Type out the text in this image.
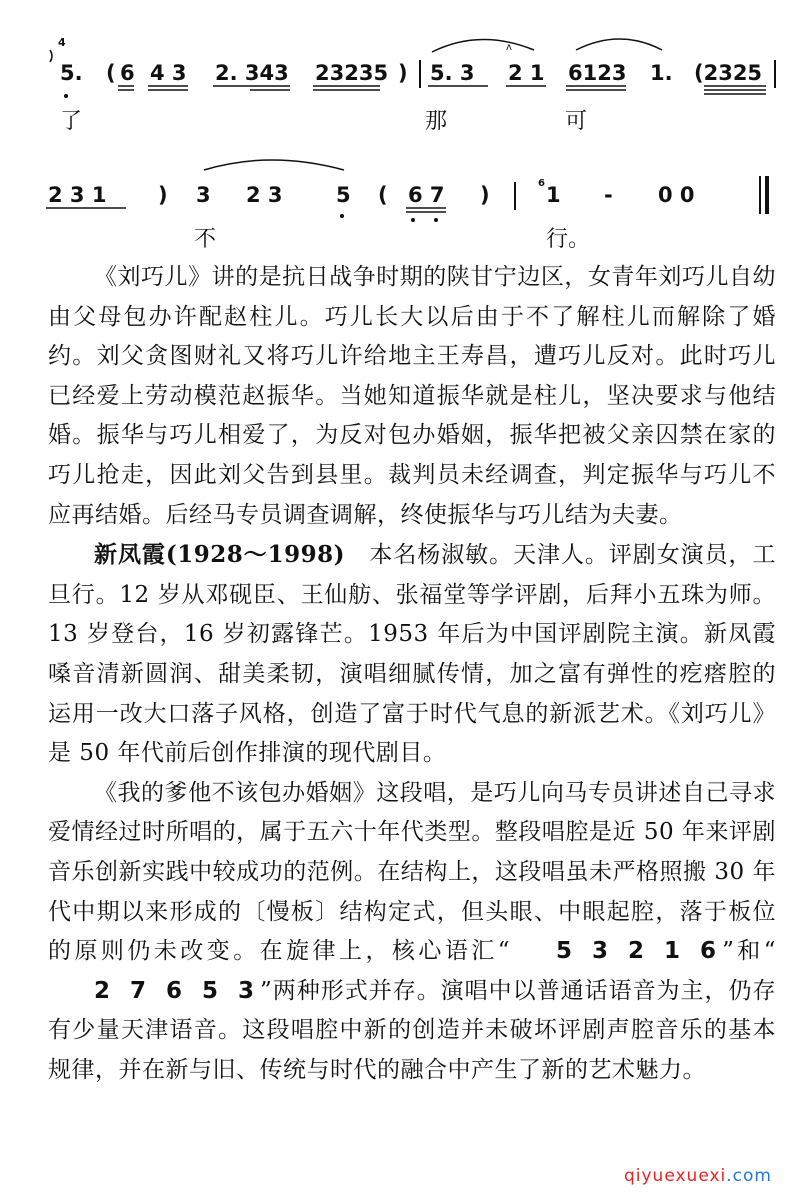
4
5. ( 6 4 3 2. 343 23235 ) 5. 3 2 1 6123 1. (2325
ʌ
了	那	可
2 3 1 ) 3 2 3	5 ( 6 7 )	6 1 - 0 0
不	行。

《刘巧儿》讲的是抗日战争时期的陕甘宁边区，女青年刘巧儿自幼由父母包办许配赵柱儿。巧儿长大以后由于不了解柱儿而解除了婚约。刘父贪图财礼又将巧儿许给地主王寿昌，遭巧儿反对。此时巧儿已经爱上劳动模范赵振华。当她知道振华就是柱儿，坚决要求与他结婚。振华与巧儿相爱了，为反对包办婚姻，振华把被父亲囚禁在家的巧儿抢走，因此刘父告到县里。裁判员未经调查，判定振华与巧儿不应再结婚。后经马专员调查调解，终使振华与巧儿结为夫妻。

新凤霞(1928～1998)　本名杨淑敏。天津人。评剧女演员，工旦行。12 岁从邓砚臣、王仙舫、张福堂等学评剧，后拜小五珠为师。13 岁登台，16 岁初露锋芒。1953 年后为中国评剧院主演。新凤霞嗓音清新圆润、甜美柔韧，演唱细腻传情，加之富有弹性的疙瘩腔的运用一改大口落子风格，创造了富于时代气息的新派艺术。《刘巧儿》是 50 年代前后创作排演的现代剧目。

《我的爹他不该包办婚姻》这段唱，是巧儿向马专员讲述自己寻求爱情经过时所唱的，属于五六十年代类型。整段唱腔是近 50 年来评剧音乐创新实践中较成功的范例。在结构上，这段唱虽未严格照搬 30 年代中期以来形成的〔慢板〕结构定式，但头眼、中眼起腔，落于板位的原则仍未改变。在旋律上，核心语汇“ 5 3 2 1 6”和“2 7 6 5 3”两种形式并存。演唱中以普通话语音为主，仍存有少量天津语音。这段唱腔中新的创造并未破坏评剧声腔音乐的基本规律，并在新与旧、传统与时代的融合中产生了新的艺术魅力。

qiyuexuexi.com
